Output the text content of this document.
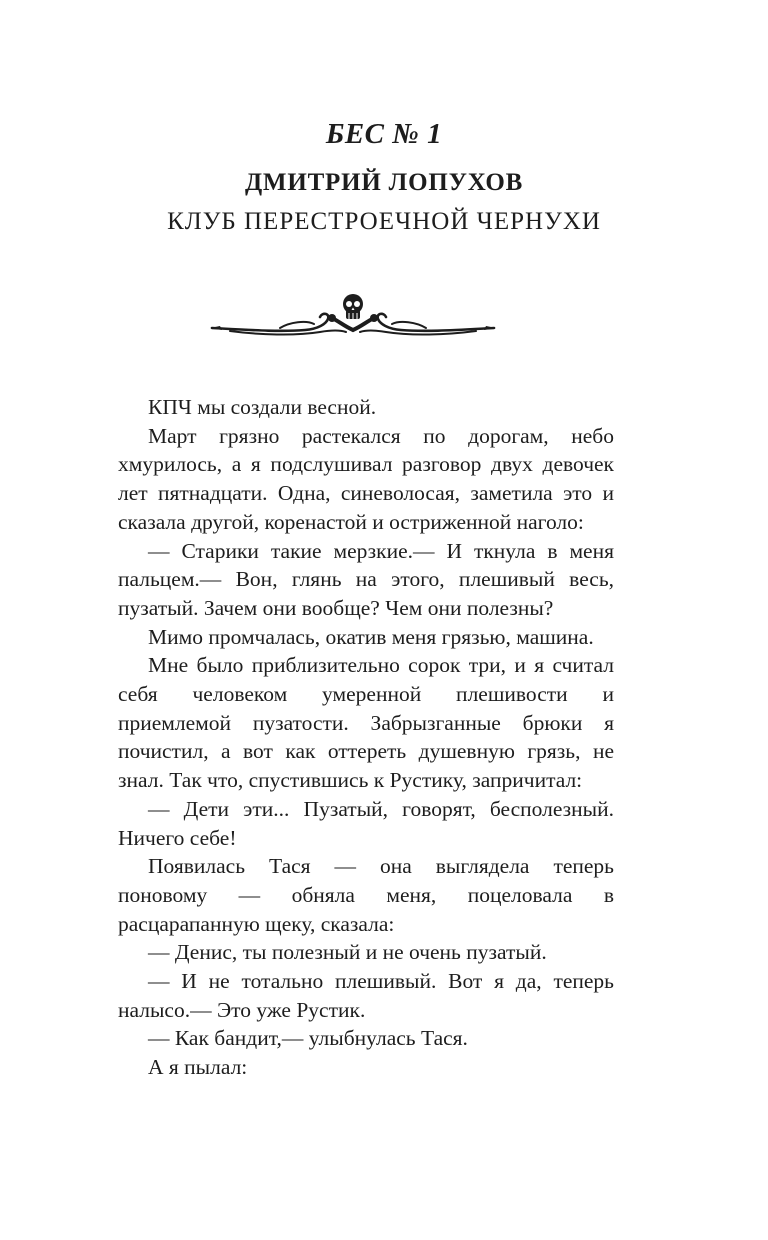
БЕС № 1
ДМИТРИЙ ЛОПУХОВ
КЛУБ ПЕРЕСТРОЕЧНОЙ ЧЕРНУХИ

КПЧ мы создали весной.

Март грязно растекался по дорогам, небо хмурилось, а я подслушивал разговор двух девочек лет пятнадцати. Одна, синеволосая, заметила это и сказала другой, коренастой и остриженной наголо:

— Старики такие мерзкие.— И ткнула в меня пальцем.— Вон, глянь на этого, плешивый весь, пузатый. Зачем они вообще? Чем они полезны?

Мимо промчалась, окатив меня грязью, машина.

Мне было приблизительно сорок три, и я считал себя человеком умеренной плешивости и приемлемой пузатости. Забрызганные брюки я почистил, а вот как оттереть душевную грязь, не знал. Так что, спустившись к Рустику, запричитал:

— Дети эти... Пузатый, говорят, бесполезный. Ничего себе!

Появилась Тася — она выглядела теперь поновому — обняла меня, поцеловала в расцарапанную щеку, сказала:

— Денис, ты полезный и не очень пузатый.

— И не тотально плешивый. Вот я да, теперь налысо.— Это уже Рустик.

— Как бандит,— улыбнулась Тася.

А я пылал:
